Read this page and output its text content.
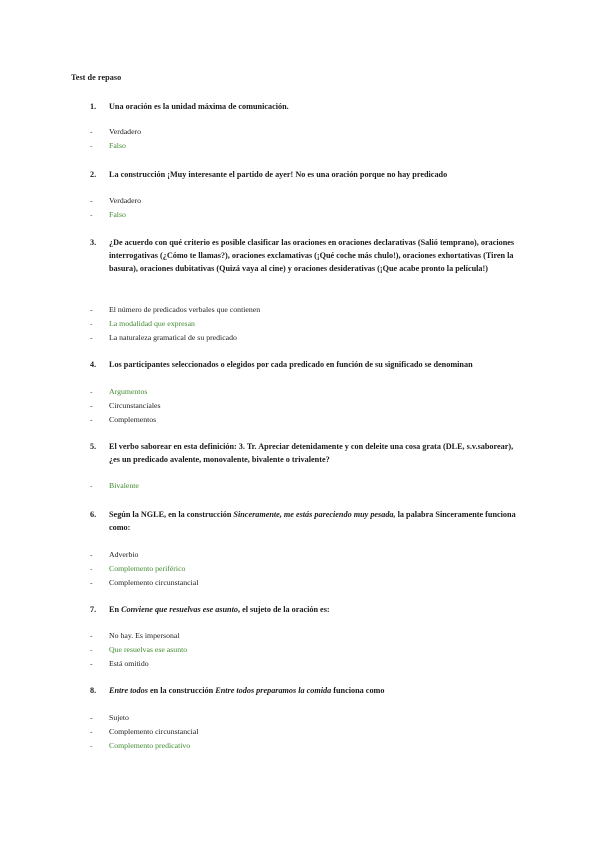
Test de repaso
1. Una oración es la unidad máxima de comunicación.
- Verdadero
- Falso
2. La construcción ¡Muy interesante el partido de ayer! No es una oración porque no hay predicado
- Verdadero
- Falso
3. ¿De acuerdo con qué criterio es posible clasificar las oraciones en oraciones declarativas (Salió temprano), oraciones interrogativas (¿Cómo te llamas?), oraciones exclamativas (¡Qué coche más chulo!), oraciones exhortativas (Tiren la basura), oraciones dubitativas (Quizá vaya al cine) y oraciones desiderativas (¡Que acabe pronto la película!)
- El número de predicados verbales que contienen
- La modalidad que expresan
- La naturaleza gramatical de su predicado
4. Los participantes seleccionados o elegidos por cada predicado en función de su significado se denominan
- Argumentos
- Circunstanciales
- Complementos
5. El verbo saborear en esta definición: 3. Tr. Apreciar detenidamente y con deleite una cosa grata (DLE, s.v.saborear), ¿es un predicado avalente, monovalente, bivalente o trivalente?
- Bivalente
6. Según la NGLE, en la construcción Sinceramente, me estás pareciendo muy pesada, la palabra Sinceramente funciona como:
- Adverbio
- Complemento periférico
- Complemento circunstancial
7. En Conviene que resuelvas ese asunto, el sujeto de la oración es:
- No hay. Es impersonal
- Que resuelvas ese asunto
- Está omitido
8. Entre todos en la construcción Entre todos preparamos la comida funciona como
- Sujeto
- Complemento circunstancial
- Complemento predicativo
